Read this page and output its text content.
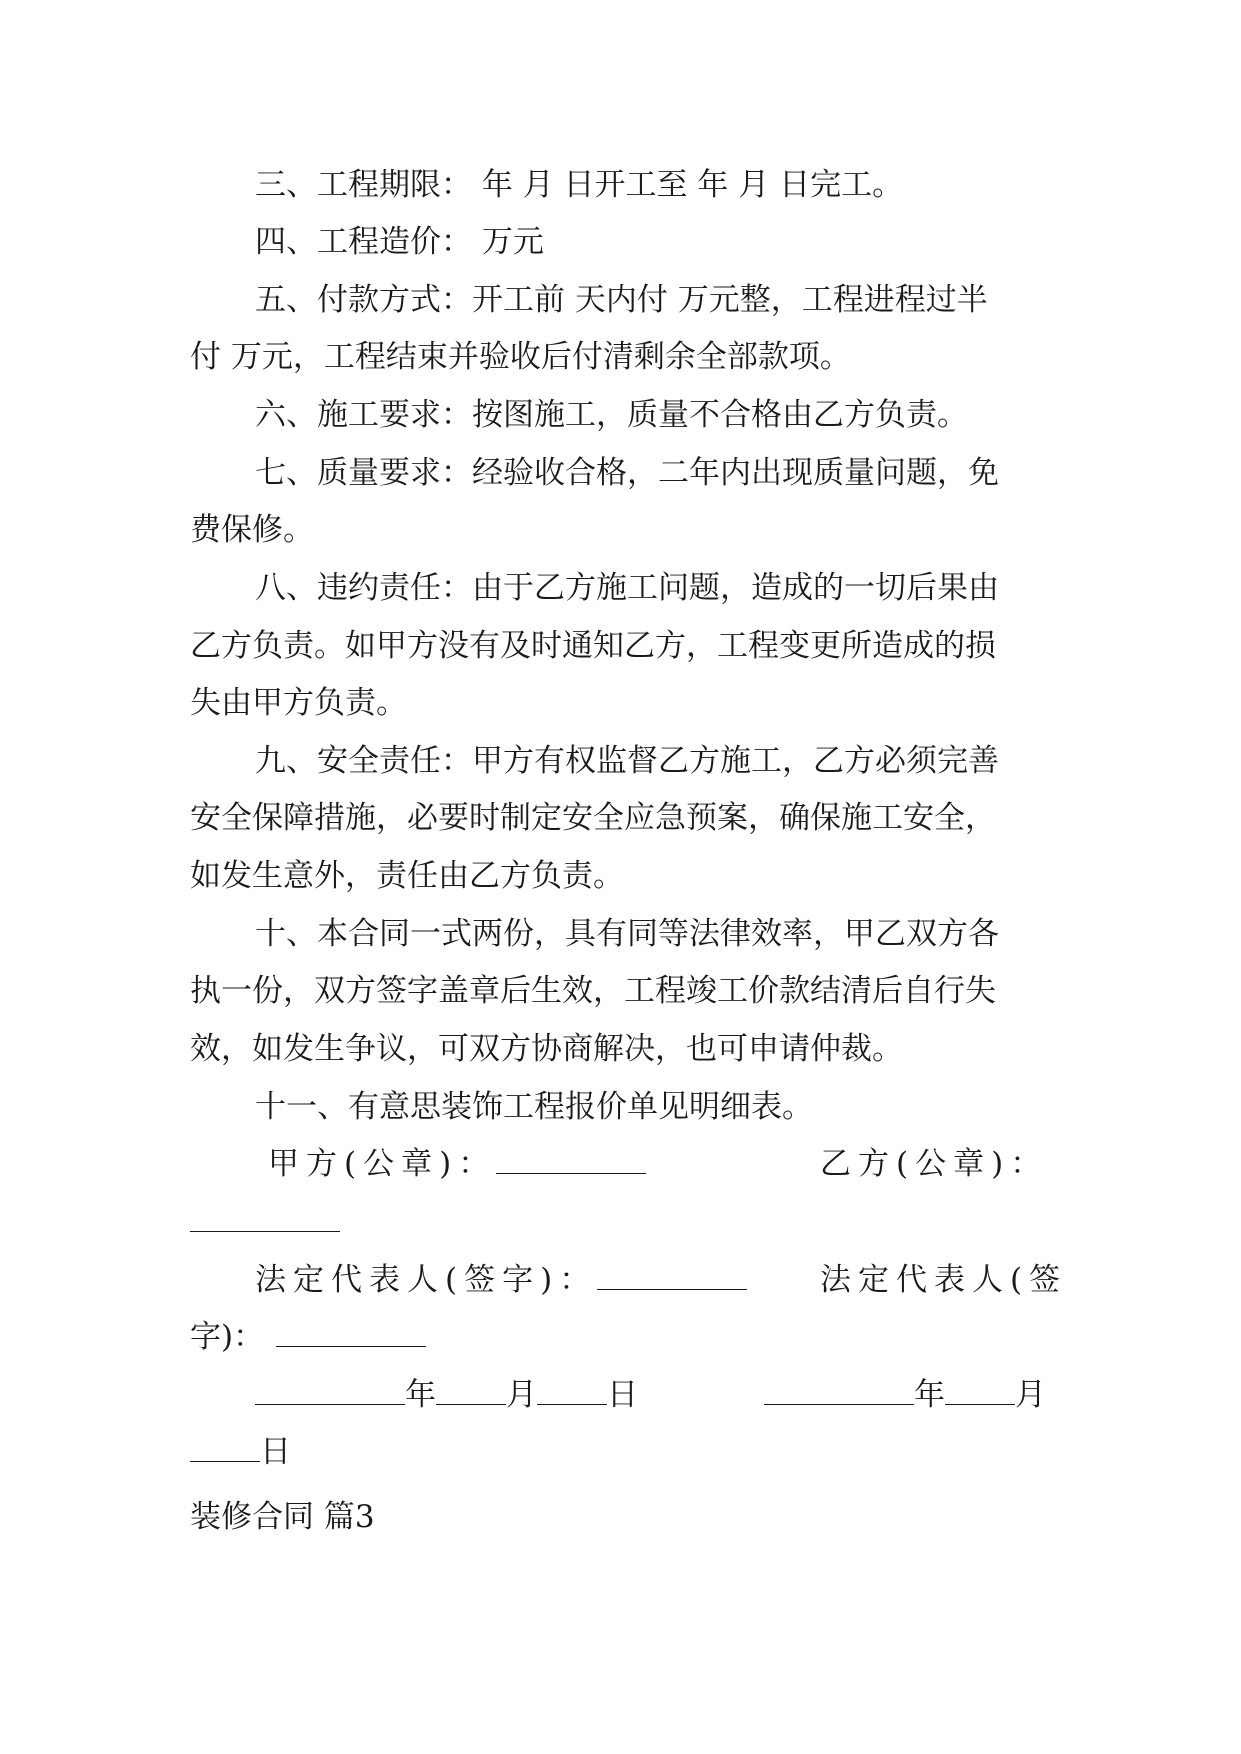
三、工程期限： 年 月 日开工至 年 月 日完工。
四、工程造价： 万元
五、付款方式：开工前 天内付 万元整，工程进程过半
付 万元，工程结束并验收后付清剩余全部款项。
六、施工要求：按图施工，质量不合格由乙方负责。
七、质量要求：经验收合格，二年内出现质量问题，免
费保修。
八、违约责任：由于乙方施工问题，造成的一切后果由
乙方负责。如甲方没有及时通知乙方，工程变更所造成的损
失由甲方负责。
九、安全责任：甲方有权监督乙方施工，乙方必须完善
安全保障措施，必要时制定安全应急预案，确保施工安全，
如发生意外，责任由乙方负责。
十、本合同一式两份，具有同等法律效率，甲乙双方各
执一份，双方签字盖章后生效，工程竣工价款结清后自行失
效，如发生争议，可双方协商解决，也可申请仲裁。
十一、有意思装饰工程报价单见明细表。
甲方(公章)：	乙方(公章)：
法定代表人(签字)：	法定代表人(签
字)：
年 月 日	年 月
日
装修合同 篇3
